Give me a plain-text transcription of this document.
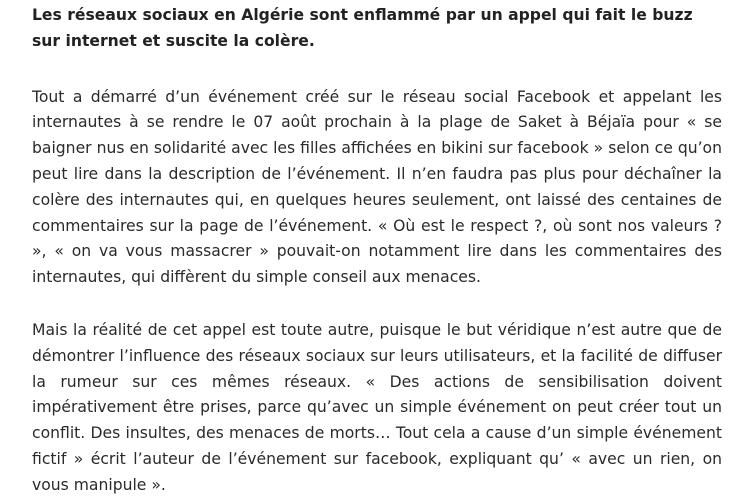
Les réseaux sociaux en Algérie sont enflammé par un appel qui fait le buzz sur internet et suscite la colère.

Tout a démarré d’un événement créé sur le réseau social Facebook et appelant les internautes à se rendre le 07 août prochain à la plage de Saket à Béjaïa pour « se baigner nus en solidarité avec les filles affichées en bikini sur facebook » selon ce qu’on peut lire dans la description de l’événement. Il n’en faudra pas plus pour déchaîner la colère des internautes qui, en quelques heures seulement, ont laissé des centaines de commentaires sur la page de l’événement. « Où est le respect ?, où sont nos valeurs ? », « on va vous massacrer » pouvait-on notamment lire dans les commentaires des internautes, qui diffèrent du simple conseil aux menaces.

Mais la réalité de cet appel est toute autre, puisque le but véridique n’est autre que de démontrer l’influence des réseaux sociaux sur leurs utilisateurs, et la facilité de diffuser la rumeur sur ces mêmes réseaux. « Des actions de sensibilisation doivent impérativement être prises, parce qu’avec un simple événement on peut créer tout un conflit. Des insultes, des menaces de morts… Tout cela a cause d’un simple événement fictif » écrit l’auteur de l’événement sur facebook, expliquant qu’ « avec un rien, on vous manipule ».
